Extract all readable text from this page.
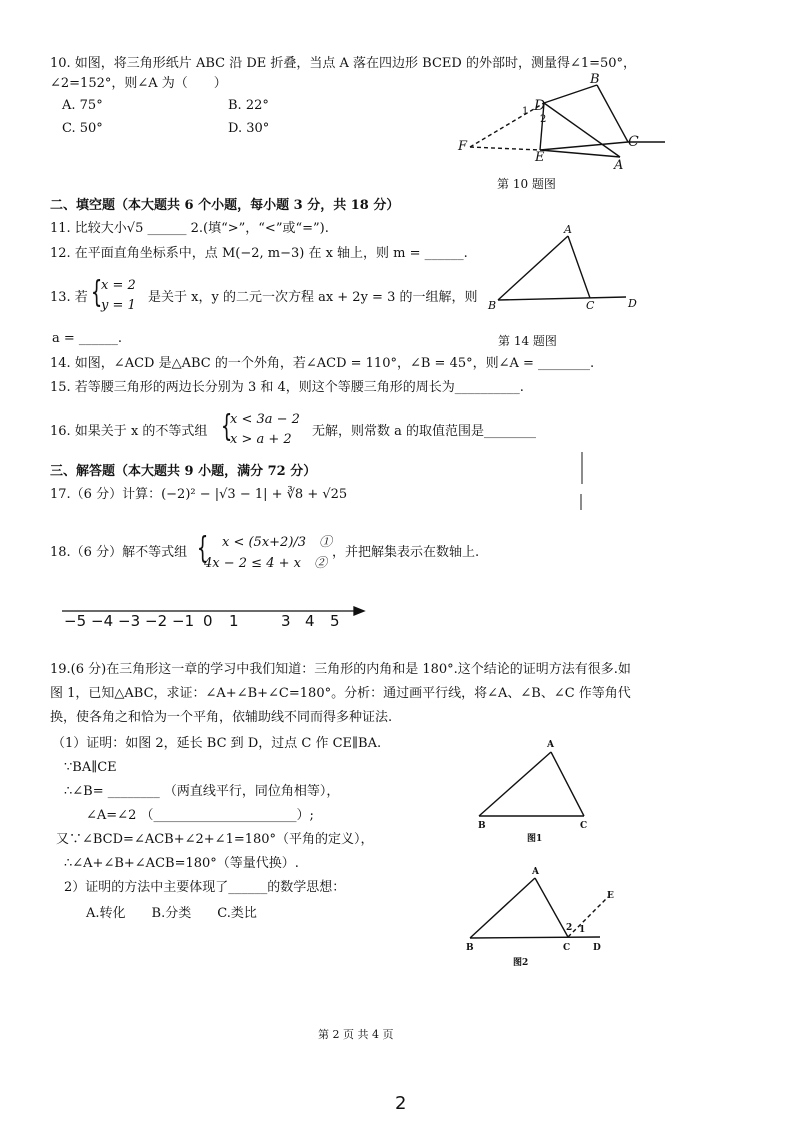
10. 如图，将三角形纸片 ABC 沿 DE 折叠，当点 A 落在四边形 BCED 的外部时，测量得∠1=50°，
∠2=152°，则∠A 为（　　）
A. 75°	B. 22°
C. 50°	D. 30°
B
D
1
2
C
F
E
A
第 10 题图
二、填空题（本大题共 6 个小题，每小题 3 分，共 18 分）
11. 比较大小√5 ______ 2.(填“>”，“<”或“=”).
12. 在平面直角坐标系中，点 M(−2, m−3) 在 x 轴上，则 m = ______.
13. 若 {
x = 2
y = 1
是关于 x，y 的二元一次方程 ax + 2y = 3 的一组解，则
a = ______.
A
B	C	D
第 14 题图
14. 如图，∠ACD 是△ABC 的一个外角，若∠ACD = 110°，∠B = 45°，则∠A = ________.
15. 若等腰三角形的两边长分别为 3 和 4，则这个等腰三角形的周长为__________.
16. 如果关于 x 的不等式组 {
x < 3a − 2
x > a + 2
无解，则常数 a 的取值范围是________
三、解答题（本大题共 9 小题，满分 72 分）
17.（6 分）计算：(−2)² − |√3 − 1| + ∛8 + √25
18.（6 分）解不等式组 { x < (5x+2)/3　①
4x − 2 ≤ 4 + x　②
，并把解集表示在数轴上.
−5 −4 −3 −2 −1 0 1	3 4 5
19.(6 分)在三角形这一章的学习中我们知道：三角形的内角和是 180°.这个结论的证明方法有很多.如
图 1，已知△ABC，求证：∠A+∠B+∠C=180°。分析：通过画平行线，将∠A、∠B、∠C 作等角代
换，使各角之和恰为一个平角，依辅助线不同而得多种证法.
（1）证明：如图 2，延长 BC 到 D，过点 C 作 CE∥BA.
∵BA∥CE
∴∠B= ________ （两直线平行，同位角相等），
∠A=∠2 （______________________）;
又∵∠BCD=∠ACB+∠2+∠1=180°（平角的定义），
∴∠A+∠B+∠ACB=180°（等量代换）.
2）证明的方法中主要体现了______的数学思想：
A.转化　　B.分类　　C.类比
A
B	C
图1
A
E
2 1
B	C	D
图2
第 2 页 共 4 页
2
